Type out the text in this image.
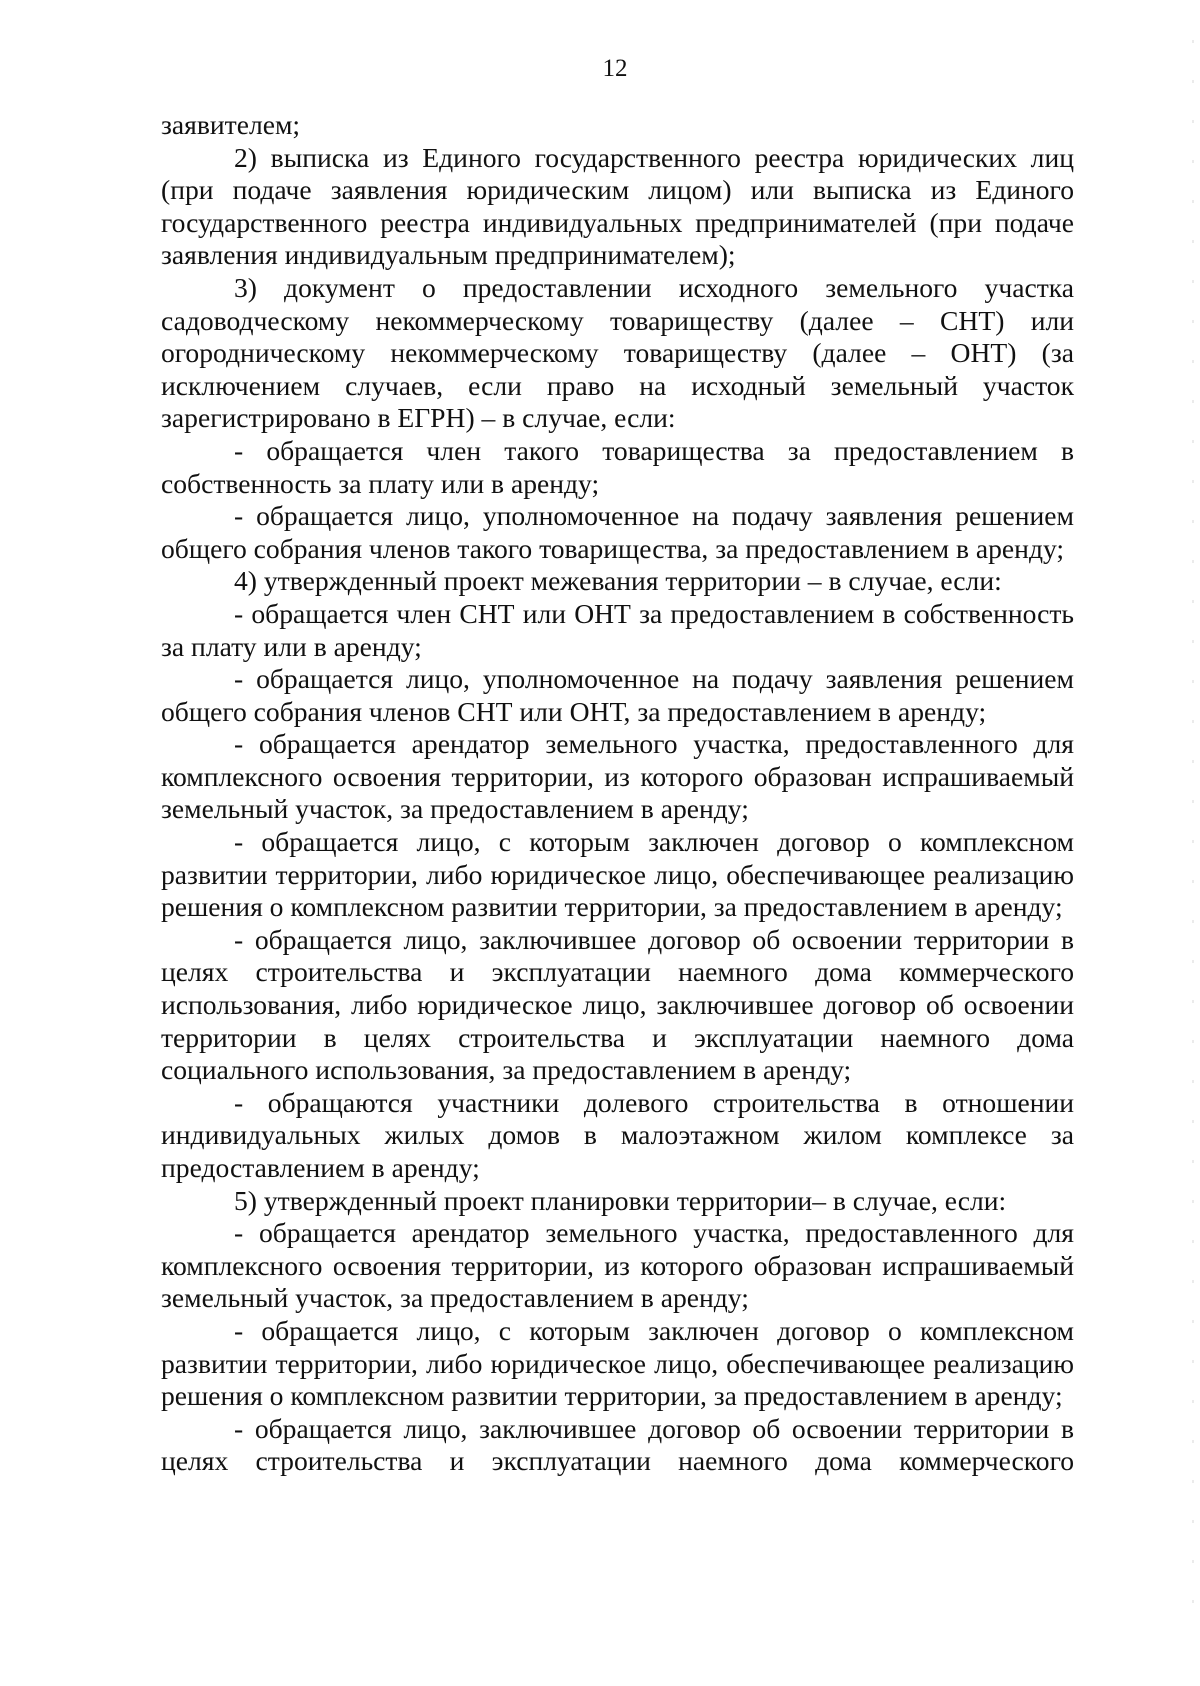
12

заявителем;

2) выписка из Единого государственного реестра юридических лиц (при подаче заявления юридическим лицом) или выписка из Единого государственного реестра индивидуальных предпринимателей (при подаче заявления индивидуальным предпринимателем);

3) документ о предоставлении исходного земельного участка садоводческому некоммерческому товариществу (далее – СНТ) или огородническому некоммерческому товариществу (далее – ОНТ) (за исключением случаев, если право на исходный земельный участок зарегистрировано в ЕГРН) – в случае, если:

- обращается член такого товарищества за предоставлением в собственность за плату или в аренду;

- обращается лицо, уполномоченное на подачу заявления решением общего собрания членов такого товарищества, за предоставлением в аренду;

4) утвержденный проект межевания территории – в случае, если:

- обращается член СНТ или ОНТ за предоставлением в собственность за плату или в аренду;

- обращается лицо, уполномоченное на подачу заявления решением общего собрания членов СНТ или ОНТ, за предоставлением в аренду;

- обращается арендатор земельного участка, предоставленного для комплексного освоения территории, из которого образован испрашиваемый земельный участок, за предоставлением в аренду;

- обращается лицо, с которым заключен договор о комплексном развитии территории, либо юридическое лицо, обеспечивающее реализацию решения о комплексном развитии территории, за предоставлением в аренду;

- обращается лицо, заключившее договор об освоении территории в целях строительства и эксплуатации наемного дома коммерческого использования, либо юридическое лицо, заключившее договор об освоении территории в целях строительства и эксплуатации наемного дома социального использования, за предоставлением в аренду;

- обращаются участники долевого строительства в отношении индивидуальных жилых домов в малоэтажном жилом комплексе за предоставлением в аренду;

5) утвержденный проект планировки территории– в случае, если:

- обращается арендатор земельного участка, предоставленного для комплексного освоения территории, из которого образован испрашиваемый земельный участок, за предоставлением в аренду;

- обращается лицо, с которым заключен договор о комплексном развитии территории, либо юридическое лицо, обеспечивающее реализацию решения о комплексном развитии территории, за предоставлением в аренду;

- обращается лицо, заключившее договор об освоении территории в целях строительства и эксплуатации наемного дома коммерческого
